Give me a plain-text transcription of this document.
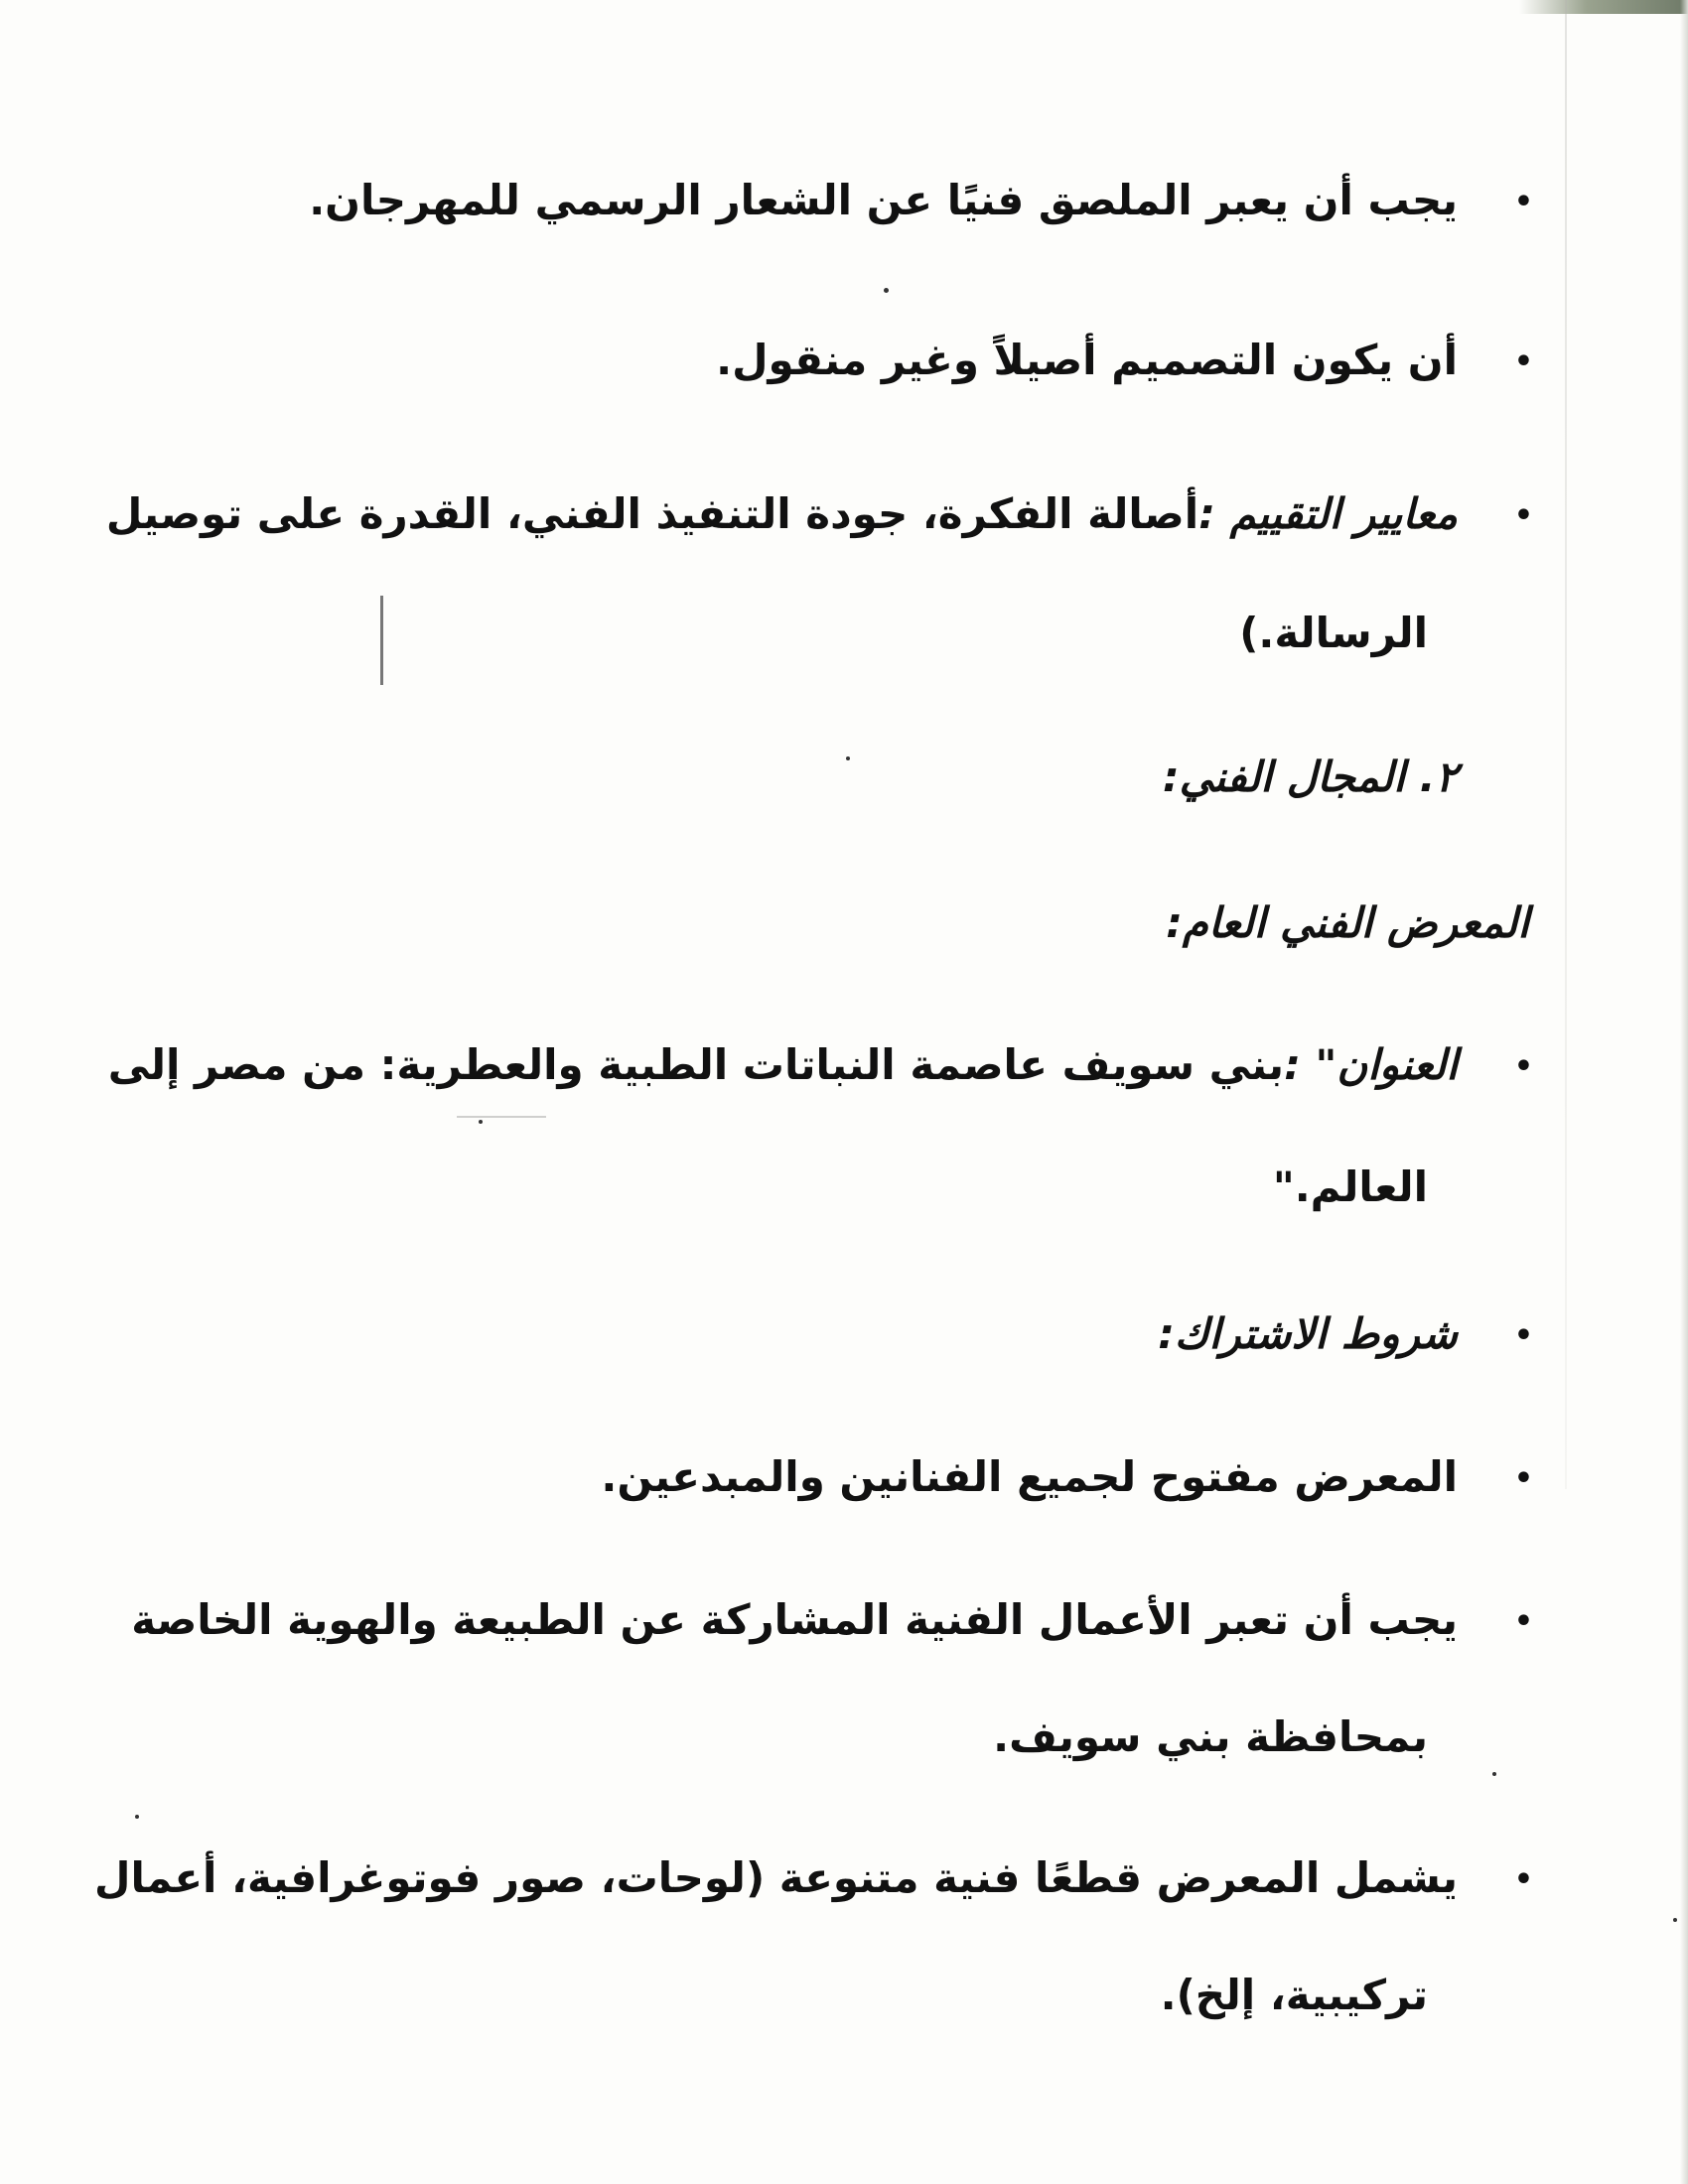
•
يجب أن يعبر الملصق فنيًا عن الشعار الرسمي للمهرجان.

•
أن يكون التصميم أصيلاً وغير منقول.

•
معايير التقييم :أصالة الفكرة، جودة التنفيذ الفني، القدرة على توصيل

الرسالة.)

٢. المجال الفني:

المعرض الفني العام:

•
العنوان" :بني سويف عاصمة النباتات الطبية والعطرية: من مصر إلى

العالم."

•
شروط الاشتراك:

•
المعرض مفتوح لجميع الفنانين والمبدعين.

•
يجب أن تعبر الأعمال الفنية المشاركة عن الطبيعة والهوية الخاصة

بمحافظة بني سويف.

•
يشمل المعرض قطعًا فنية متنوعة (لوحات، صور فوتوغرافية، أعمال

تركيبية، إلخ).
